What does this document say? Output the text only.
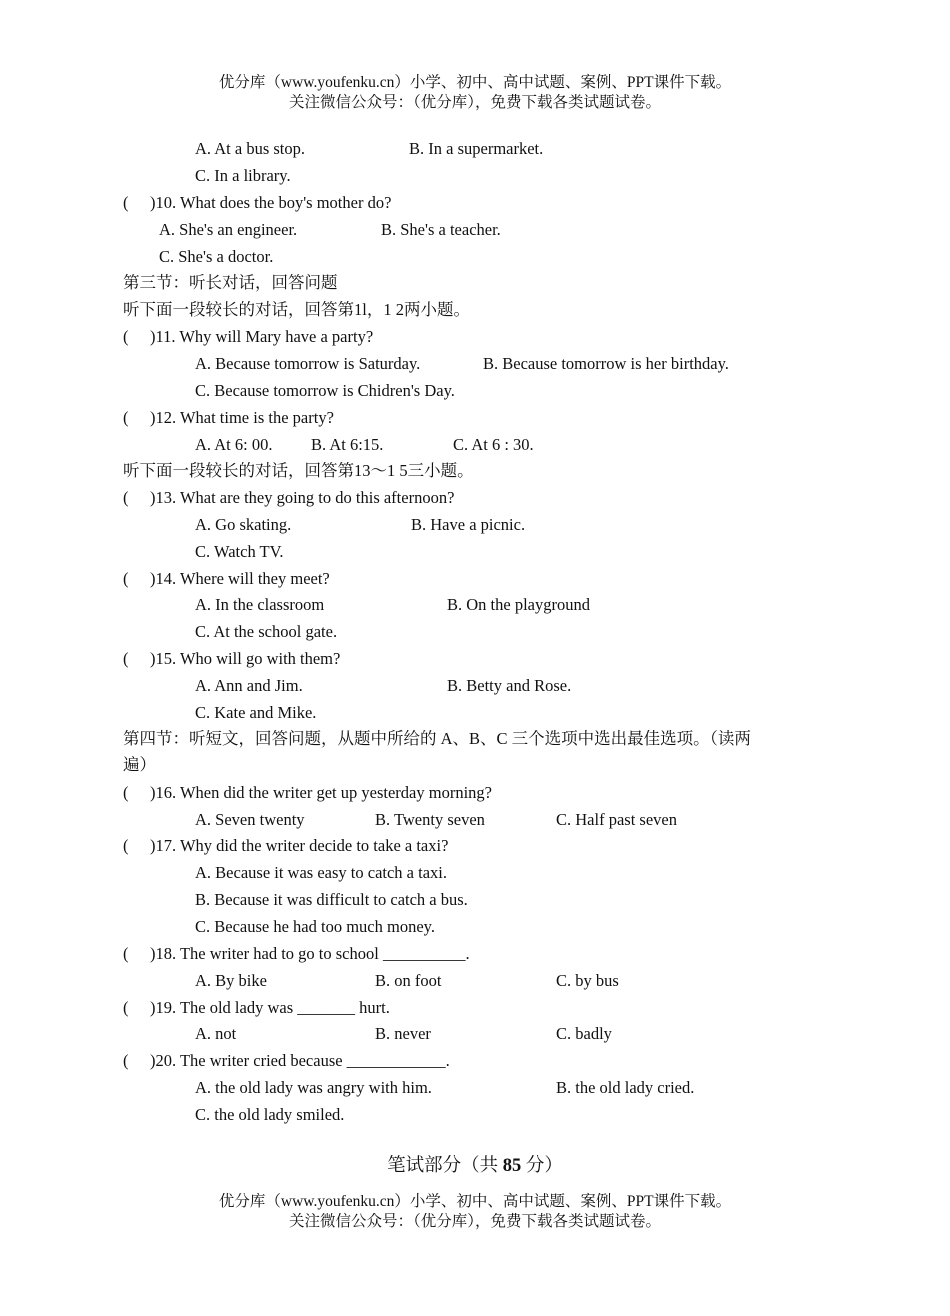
优分库（www.youfenku.cn）小学、初中、高中试题、案例、PPT课件下载。
关注微信公众号：（优分库），免费下载各类试题试卷。
A. At a bus stop.	B. In a supermarket.
C. In a library.
( )10. What does the boy's mother do?
A. She's an engineer.	B. She's a teacher.
C. She's a doctor.
第三节：听长对话，回答问题
听下面一段较长的对话，回答第1l，1 2两小题。
( )11. Why will Mary have a party?
A. Because tomorrow is Saturday.	B. Because tomorrow is her birthday.
C. Because tomorrow is Chidren's Day.
( )12. What time is the party?
A. At 6: 00. B. At 6:15.	C. At 6 : 30.
听下面一段较长的对话，回答第13～1 5三小题。
( )13. What are they going to do this afternoon?
A. Go skating.	B. Have a picnic.
C. Watch TV.
( )14. Where will they meet?
A. In the classroom	B. On the playground
C. At the school gate.
( )15. Who will go with them?
A. Ann and Jim.	B. Betty and Rose.
C. Kate and Mike.
第四节：听短文，回答问题，从题中所给的 A、B、C 三个选项中选出最佳选项。（读两
遍）
( )16. When did the writer get up yesterday morning?
A. Seven twenty	B. Twenty seven	C. Half past seven
( )17. Why did the writer decide to take a taxi?
A. Because it was easy to catch a taxi.
B. Because it was difficult to catch a bus.
C. Because he had too much money.
( )18. The writer had to go to school __________.
A. By bike	B. on foot	C. by bus
( )19. The old lady was _______ hurt.
A. not	B. never	C. badly
( )20. The writer cried because ____________.
A. the old lady was angry with him.	B. the old lady cried.
C. the old lady smiled.
笔试部分（共 85 分）
优分库（www.youfenku.cn）小学、初中、高中试题、案例、PPT课件下载。
关注微信公众号：（优分库），免费下载各类试题试卷。
